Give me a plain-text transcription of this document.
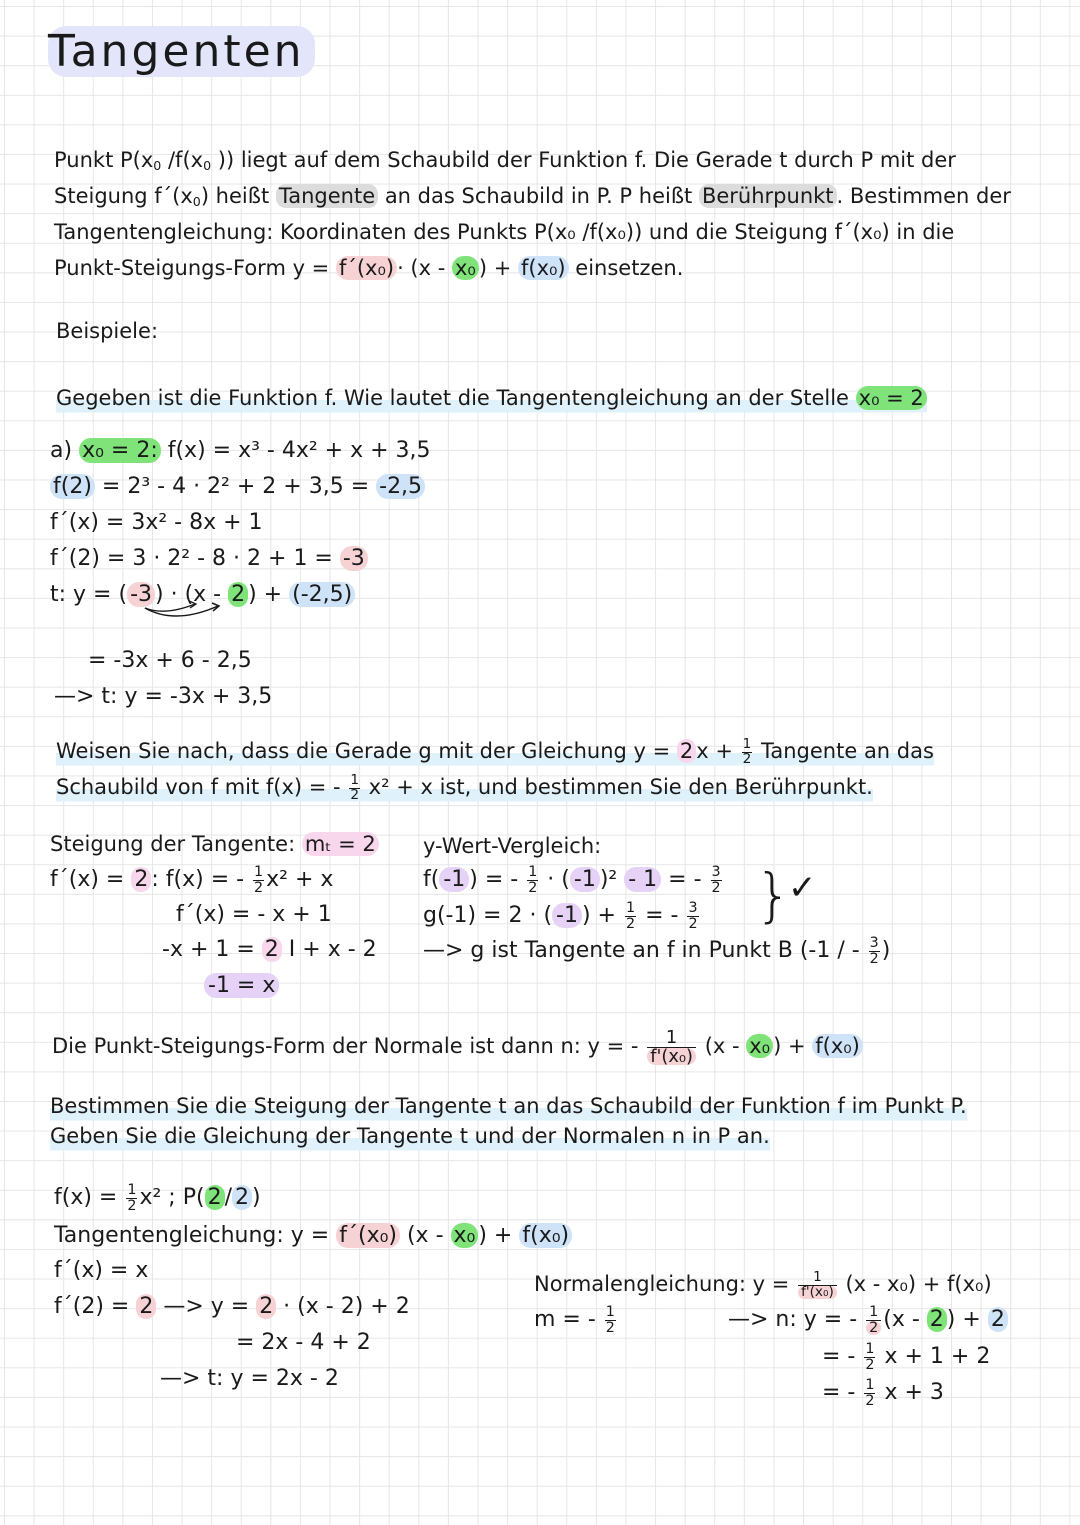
Tangenten
Punkt $P(x_0$ $/f(x_0$ )) liegt auf dem Schaubild der Funktion f. Die Gerade t durch P mit der
Steigung $f´(x_0)$ heißt Tangente an das Schaubild in P. P heißt Berührpunkt . Bestimmen der
Tangentengleichung: Koordinaten des Punkts P(x₀ /f(x₀)) und die Steigung f´(x₀) in die
Punkt-Steigungs-Form y = f´(x₀) · (x - x₀ ) + f(x₀) einsetzen.
Beispiele:
Gegeben ist die Funktion f. Wie lautet die Tangentengleichung an der Stelle x₀ = 2
a) x₀ = 2: f(x) = x³ - 4x² + x + 3,5
f(2) = 2³ - 4 · 2² + 2 + 3,5 = -2,5
f´(x) = 3x² - 8x + 1
f´(2) = 3 · 2² - 8 · 2 + 1 = -3
t: y = ( -3 ) · (x - 2 ) + (-2,5)
= -3x + 6 - 2,5
—> t: y = -3x + 3,5
Weisen Sie nach, dass die Gerade g mit der Gleichung y = 2 $x + \frac{1}{2}$ Tangente an das
Schaubild von f mit f(x) = - $\frac{1}{2} x^2 + x$ ist, und bestimmen Sie den Berührpunkt.
Steigung der Tangente: mₜ = 2
f´(x) = 2 : f(x) = - $\frac{1}{2} x^2 + x$
f´(x) = - x + 1
-x + 1 = 2 I + x - 2
-1 = x
y-Wert-Vergleich:
f( -1 ) = - $\frac{1}{2}$ · ( -1 )² - 1 = - $\frac{3}{2}$
g(-1) = 2 · ( -1 ) + $\frac{1}{2}$ = - $\frac{3}{2}$ }
✓
—> g ist Tangente an f in Punkt B (-1 / - $\frac{3}{2}$ )
Die Punkt-Steigungs-Form der Normale ist dann n: y = - $\frac{1}{\text{f'(x₀)}} (x - x_0$ ) + f(x₀)
Bestimmen Sie die Steigung der Tangente t an das Schaubild der Funktion f im Punkt P.
Geben Sie die Gleichung der Tangente t und der Normalen n in P an.
$f(x) = \frac{1}{2} x^2$ ; P( 2 / 2 )
Tangentengleichung: y = f´(x₀) (x - x₀ ) + f(x₀)
f´(x) = x
f´(2) = 2 —> y = 2 · (x - 2) + 2
= 2x - 4 + 2
—> t: y = 2x - 2
Normalengleichung: $y = \frac{1}{\text{f'(x₀)}} (x - x_0) + f(x_0)$
m = - $\frac{1}{2}$	—> n: y = - $\frac{1}{2} (x - 2$ ) + 2
= - $\frac{1}{2}$ x + 1 + 2
= - $\frac{1}{2}$ x + 3
